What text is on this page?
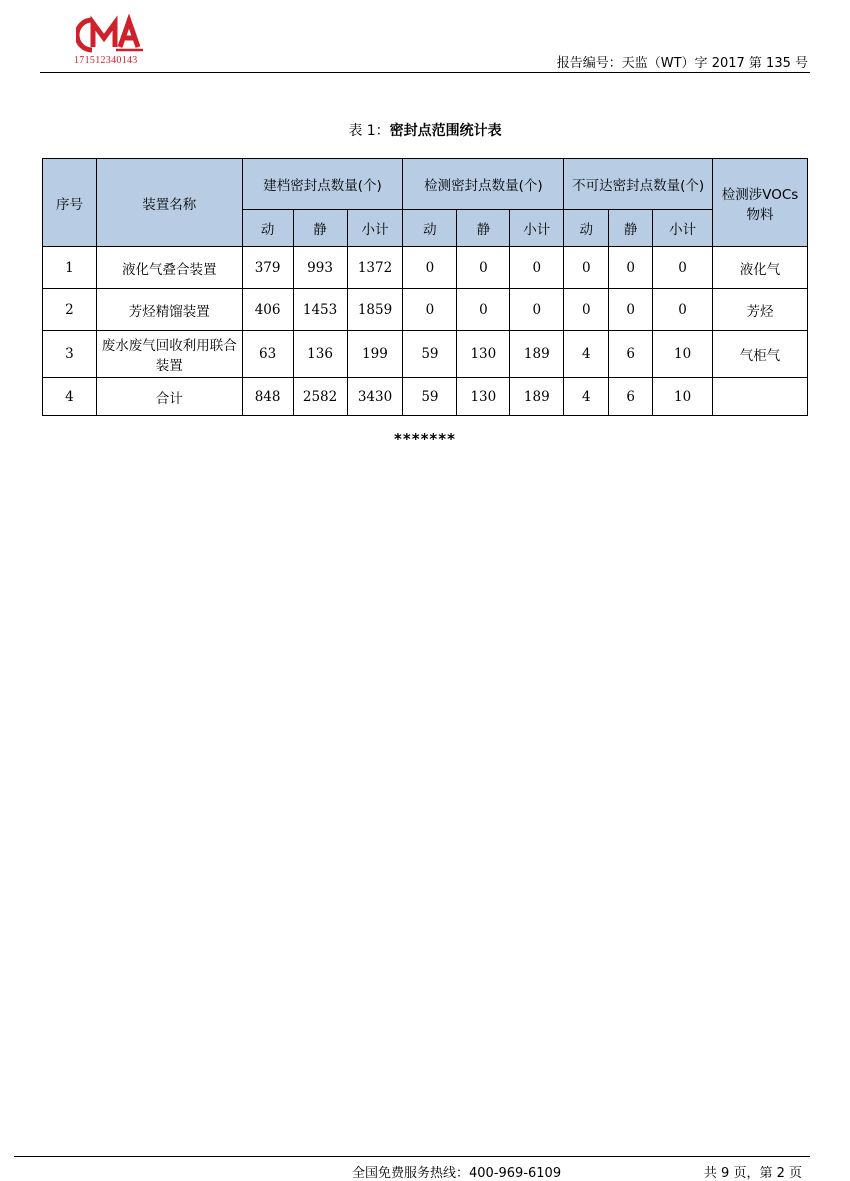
171512340143	报告编号：天监（WT）字 2017 第 135 号
表 1：密封点范围统计表
序号	装置名称	建档密封点数量(个)			检测密封点数量(个)			不可达密封点数量(个)			检测涉VOCs 物料
		动	静	小计	动	静	小计	动	静	小计	
1	液化气叠合装置	379	993	1372	0	0	0	0	0	0	液化气
2	芳烃精馏装置	406	1453	1859	0	0	0	0	0	0	芳烃
3	废水废气回收利用联合装置	63	136	199	59	130	189	4	6	10	气柜气
4	合计	848	2582	3430	59	130	189	4	6	10	
*******
全国免费服务热线：400-969-6109	共 9 页，第 2 页
